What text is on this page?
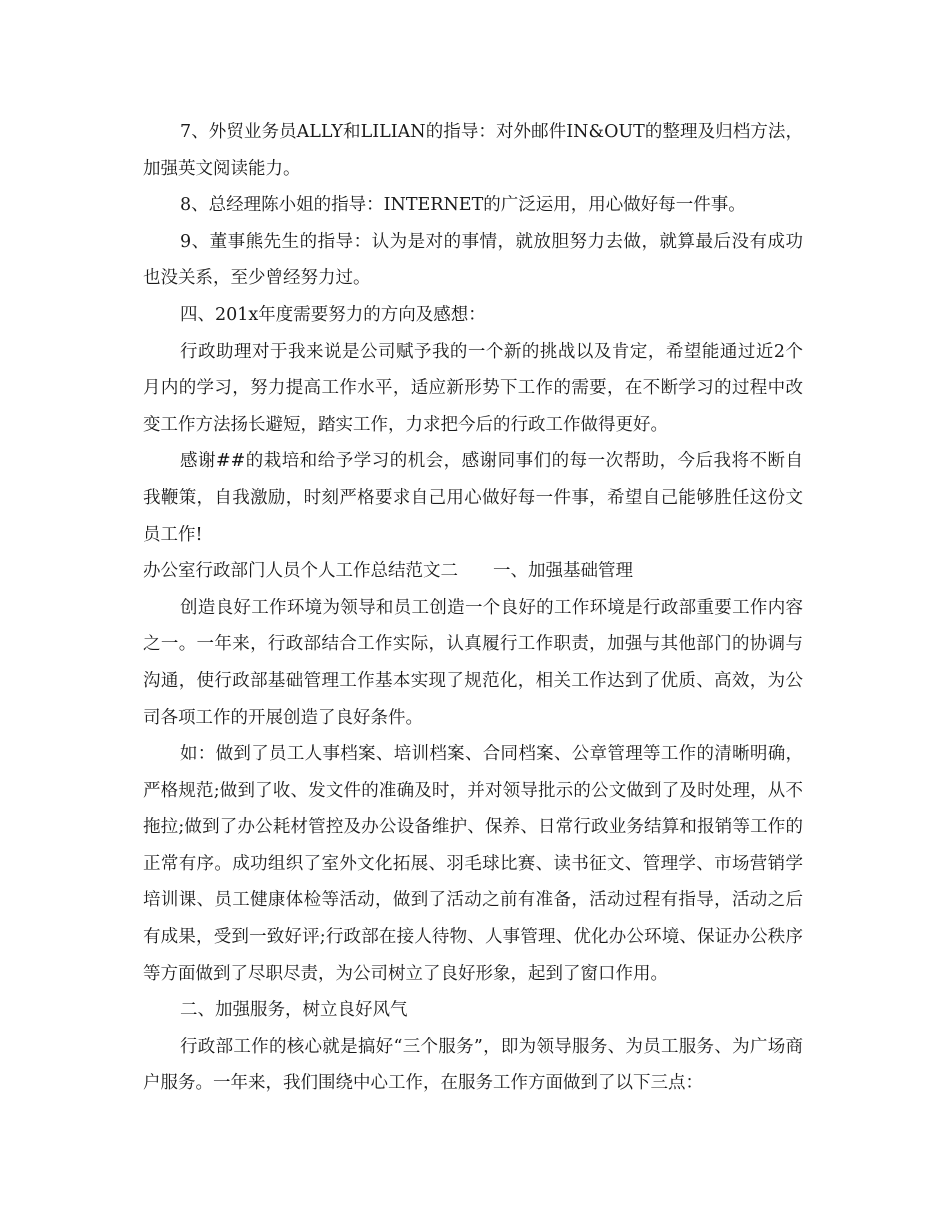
7、外贸业务员ALLY和LILIAN的指导：对外邮件IN&OUT的整理及归档方法，加强英文阅读能力。

8、总经理陈小姐的指导：INTERNET的广泛运用，用心做好每一件事。

9、董事熊先生的指导：认为是对的事情，就放胆努力去做，就算最后没有成功也没关系，至少曾经努力过。

四、201x年度需要努力的方向及感想：

行政助理对于我来说是公司赋予我的一个新的挑战以及肯定，希望能通过近2个月内的学习，努力提高工作水平，适应新形势下工作的需要，在不断学习的过程中改变工作方法扬长避短，踏实工作，力求把今后的行政工作做得更好。

感谢##的栽培和给予学习的机会，感谢同事们的每一次帮助，今后我将不断自我鞭策，自我激励，时刻严格要求自己用心做好每一件事，希望自己能够胜任这份文员工作!

办公室行政部门人员个人工作总结范文二　　一、加强基础管理

创造良好工作环境为领导和员工创造一个良好的工作环境是行政部重要工作内容之一。一年来，行政部结合工作实际，认真履行工作职责，加强与其他部门的协调与沟通，使行政部基础管理工作基本实现了规范化，相关工作达到了优质、高效，为公司各项工作的开展创造了良好条件。

如：做到了员工人事档案、培训档案、合同档案、公章管理等工作的清晰明确，严格规范;做到了收、发文件的准确及时，并对领导批示的公文做到了及时处理，从不拖拉;做到了办公耗材管控及办公设备维护、保养、日常行政业务结算和报销等工作的正常有序。成功组织了室外文化拓展、羽毛球比赛、读书征文、管理学、市场营销学培训课、员工健康体检等活动，做到了活动之前有准备，活动过程有指导，活动之后有成果，受到一致好评;行政部在接人待物、人事管理、优化办公环境、保证办公秩序等方面做到了尽职尽责，为公司树立了良好形象，起到了窗口作用。

二、加强服务，树立良好风气

行政部工作的核心就是搞好“三个服务”，即为领导服务、为员工服务、为广场商户服务。一年来，我们围绕中心工作，在服务工作方面做到了以下三点：
